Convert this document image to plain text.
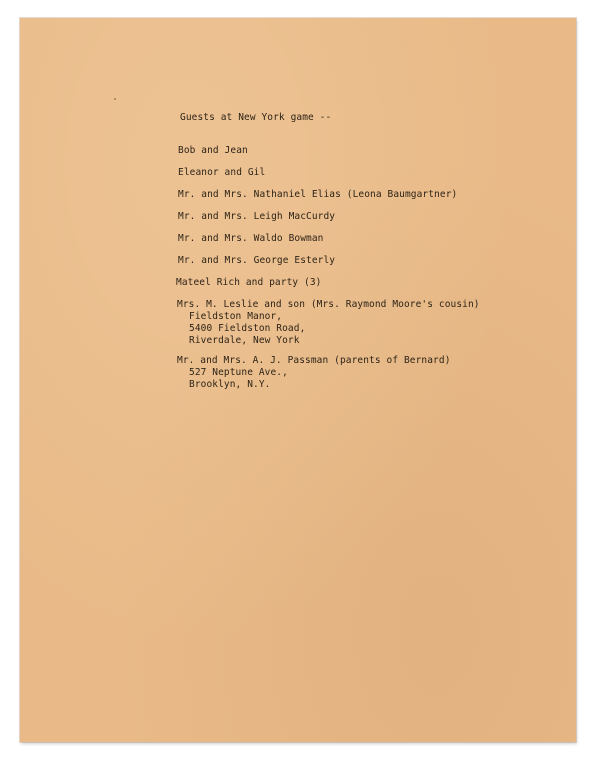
Guests at New York game --
Bob and Jean
Eleanor and Gil
Mr. and Mrs. Nathaniel Elias (Leona Baumgartner)
Mr. and Mrs. Leigh MacCurdy
Mr. and Mrs. Waldo Bowman
Mr. and Mrs. George Esterly
Mateel Rich and party (3)
Mrs. M. Leslie and son (Mrs. Raymond Moore's cousin)
Fieldston Manor,
5400 Fieldston Road,
Riverdale, New York
Mr. and Mrs. A. J. Passman (parents of Bernard)
527 Neptune Ave.,
Brooklyn, N.Y.
